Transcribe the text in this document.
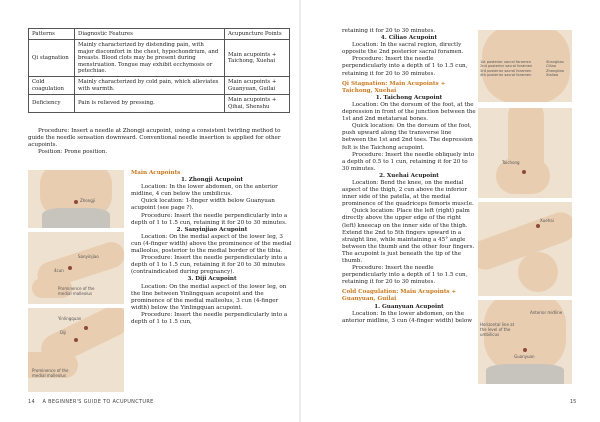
Patterns	Diagnostic Features	Acupuncture Points
Qi stagnation	Mainly characterized by distending pain, with major discomfort in the chest, hypochondrium, and breasts. Blood clots may be present during menstruation. Tongue may exhibit ecchymosis or petechiae.	Main acupoints + Taichong, Xuehai
Cold coagulation	Mainly characterized by cold pain, which alleviates with warmth.	Main acupoints + Guanyuan, Guilai
Deficiency	Pain is relieved by pressing.	Main acupoints + Qihai, Shenshu

Procedure: Insert a needle at Zhongji acupoint, using a consistent twirling method to guide the needle sensation downward. Conventional needle insertion is applied for other acupoints.

Position: Prone position.

Zhongji
Sanyinjiao
4cun
Prominence of the medial malleolus
Yinlingquan
Diji
Prominence of the medial malleolus
Main Acupoints
1. Zhongji Acupoint

Location: In the lower abdomen, on the anterior midline, 4 cun below the umbilicus.

Quick location: 1-finger width below Guanyuan acupoint (see page ?).

Procedure: Insert the needle perpendicularly into a depth of 1 to 1.5 cun, retaining it for 20 to 30 minutes.

2. Sanyinjiao Acupoint

Location: On the medial aspect of the lower leg, 3 cun (4-finger width) above the prominence of the medial malleolus, posterior to the medial border of the tibia.

Procedure: Insert the needle perpendicularly into a depth of 1 to 1.5 cun, retaining it for 20 to 30 minutes (contraindicated during pregnancy).

3. Diji Acupoint

Location: On the medial aspect of the lower leg, on the line between Yinlingquan acupoint and the prominence of the medial malleolus, 3 cun (4-finger width) below the Yinlingquan acupoint.

Procedure: Insert the needle perpendicularly into a depth of 1 to 1.5 cun,

14 A BEGINNER'S GUIDE TO ACUPUNCTURE

retaining it for 20 to 30 minutes.

4. Ciliao Acupoint

Location: In the sacral region, directly opposite the 2nd posterior sacral foramen.

Procedure: Insert the needle perpendicularly into a depth of 1 to 1.5 cun, retaining it for 20 to 30 minutes.

Qi Stagnation: Main Acupoints + Taichong, Xuehai
1. Taichong Acupoint

Location: On the dorsum of the foot, at the depression in front of the junction between the 1st and 2nd metatarsal bones.

Quick location: On the dorsum of the foot, push upward along the transverse line between the 1st and 2nd toes. The depression felt is the Taichong acupoint.

Procedure: Insert the needle obliquely into a depth of 0.5 to 1 cun, retaining it for 20 to 30 minutes.

2. Xuehai Acupoint

Location: Bend the knee, on the medial aspect of the thigh, 2 cun above the inferior inner side of the patella, at the medial prominence of the quadriceps femoris muscle.

Quick location: Place the left (right) palm directly above the upper edge of the right (left) kneecap on the inner side of the thigh. Extend the 2nd to 5th fingers upward in a straight line, while maintaining a 45° angle between the thumb and the other four fingers. The acupoint is just beneath the tip of the thumb.

Procedure: Insert the needle perpendicularly into a depth of 1 to 1.5 cun, retaining it for 20 to 30 minutes.

Cold Coagulation: Main Acupoints + Guanyuan, Guilai
1. Guanyuan Acupoint

Location: In the lower abdomen, on the anterior midline, 3 cun (4-finger width) below

1st posterior sacral foramen
2nd posterior sacral foramen
3rd posterior sacral foramen
4th posterior sacral foramen
Shangliao
Ciliao
Zhongliao
Xialiao
Taichong
Xuehai
Anterior midline
Horizontal line at the level of the umbilicus
Guanyuan
15
